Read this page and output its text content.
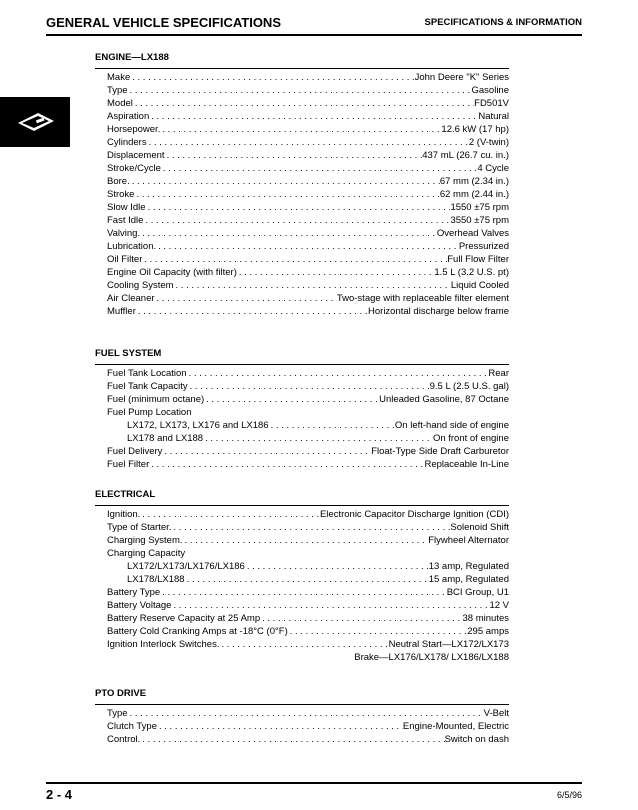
GENERAL VEHICLE SPECIFICATIONS	SPECIFICATIONS & INFORMATION
ENGINE—LX188
Make . . .	John Deere "K" Series
Type . . .	Gasoline
Model . . .	FD501V
Aspiration . . .	Natural
Horsepower. . . .	12.6 kW (17 hp)
Cylinders . . .	2 (V-twin)
Displacement . . .	437 mL (26.7 cu. in.)
Stroke/Cycle . . .	4 Cycle
Bore. . . .	67 mm (2.34 in.)
Stroke . . .	62 mm (2.44 in.)
Slow Idle . . .	1550 ±75 rpm
Fast Idle . . .	3550 ±75 rpm
Valving. . . .	Overhead Valves
Lubrication. . . .	Pressurized
Oil Filter . . .	Full Flow Filter
Engine Oil Capacity (with filter) . . .	1.5 L (3.2 U.S. pt)
Cooling System . . .	Liquid Cooled
Air Cleaner . . .	Two-stage with replaceable filter element
Muffler . . .	Horizontal discharge below frame
FUEL SYSTEM
Fuel Tank Location . . .	Rear
Fuel Tank Capacity . . .	9.5 L (2.5 U.S. gal)
Fuel (minimum octane) . . .	Unleaded Gasoline, 87 Octane
Fuel Pump Location
LX172, LX173, LX176 and LX186 . . .	On left-hand side of engine
LX178 and LX188 . . .	On front of engine
Fuel Delivery . . .	Float-Type Side Draft Carburetor
Fuel Filter . . .	Replaceable In-Line
ELECTRICAL
Ignition. . . .	Electronic Capacitor Discharge Ignition (CDI)
Type of Starter. . . .	Solenoid Shift
Charging System. . . .	Flywheel Alternator
Charging Capacity
LX172/LX173/LX176/LX186 . . .	13 amp, Regulated
LX178/LX188 . . .	15 amp, Regulated
Battery Type . . .	BCI Group, U1
Battery Voltage . . .	12 V
Battery Reserve Capacity at 25 Amp . . .	38 minutes
Battery Cold Cranking Amps at -18°C (0°F) . . .	295 amps
Ignition Interlock Switches. . . .	Neutral Start—LX172/LX173
Brake—LX176/LX178/ LX186/LX188
PTO DRIVE
Type . . .	V-Belt
Clutch Type . . .	Engine-Mounted, Electric
Control. . . .	Switch on dash
2 - 4	6/5/96
